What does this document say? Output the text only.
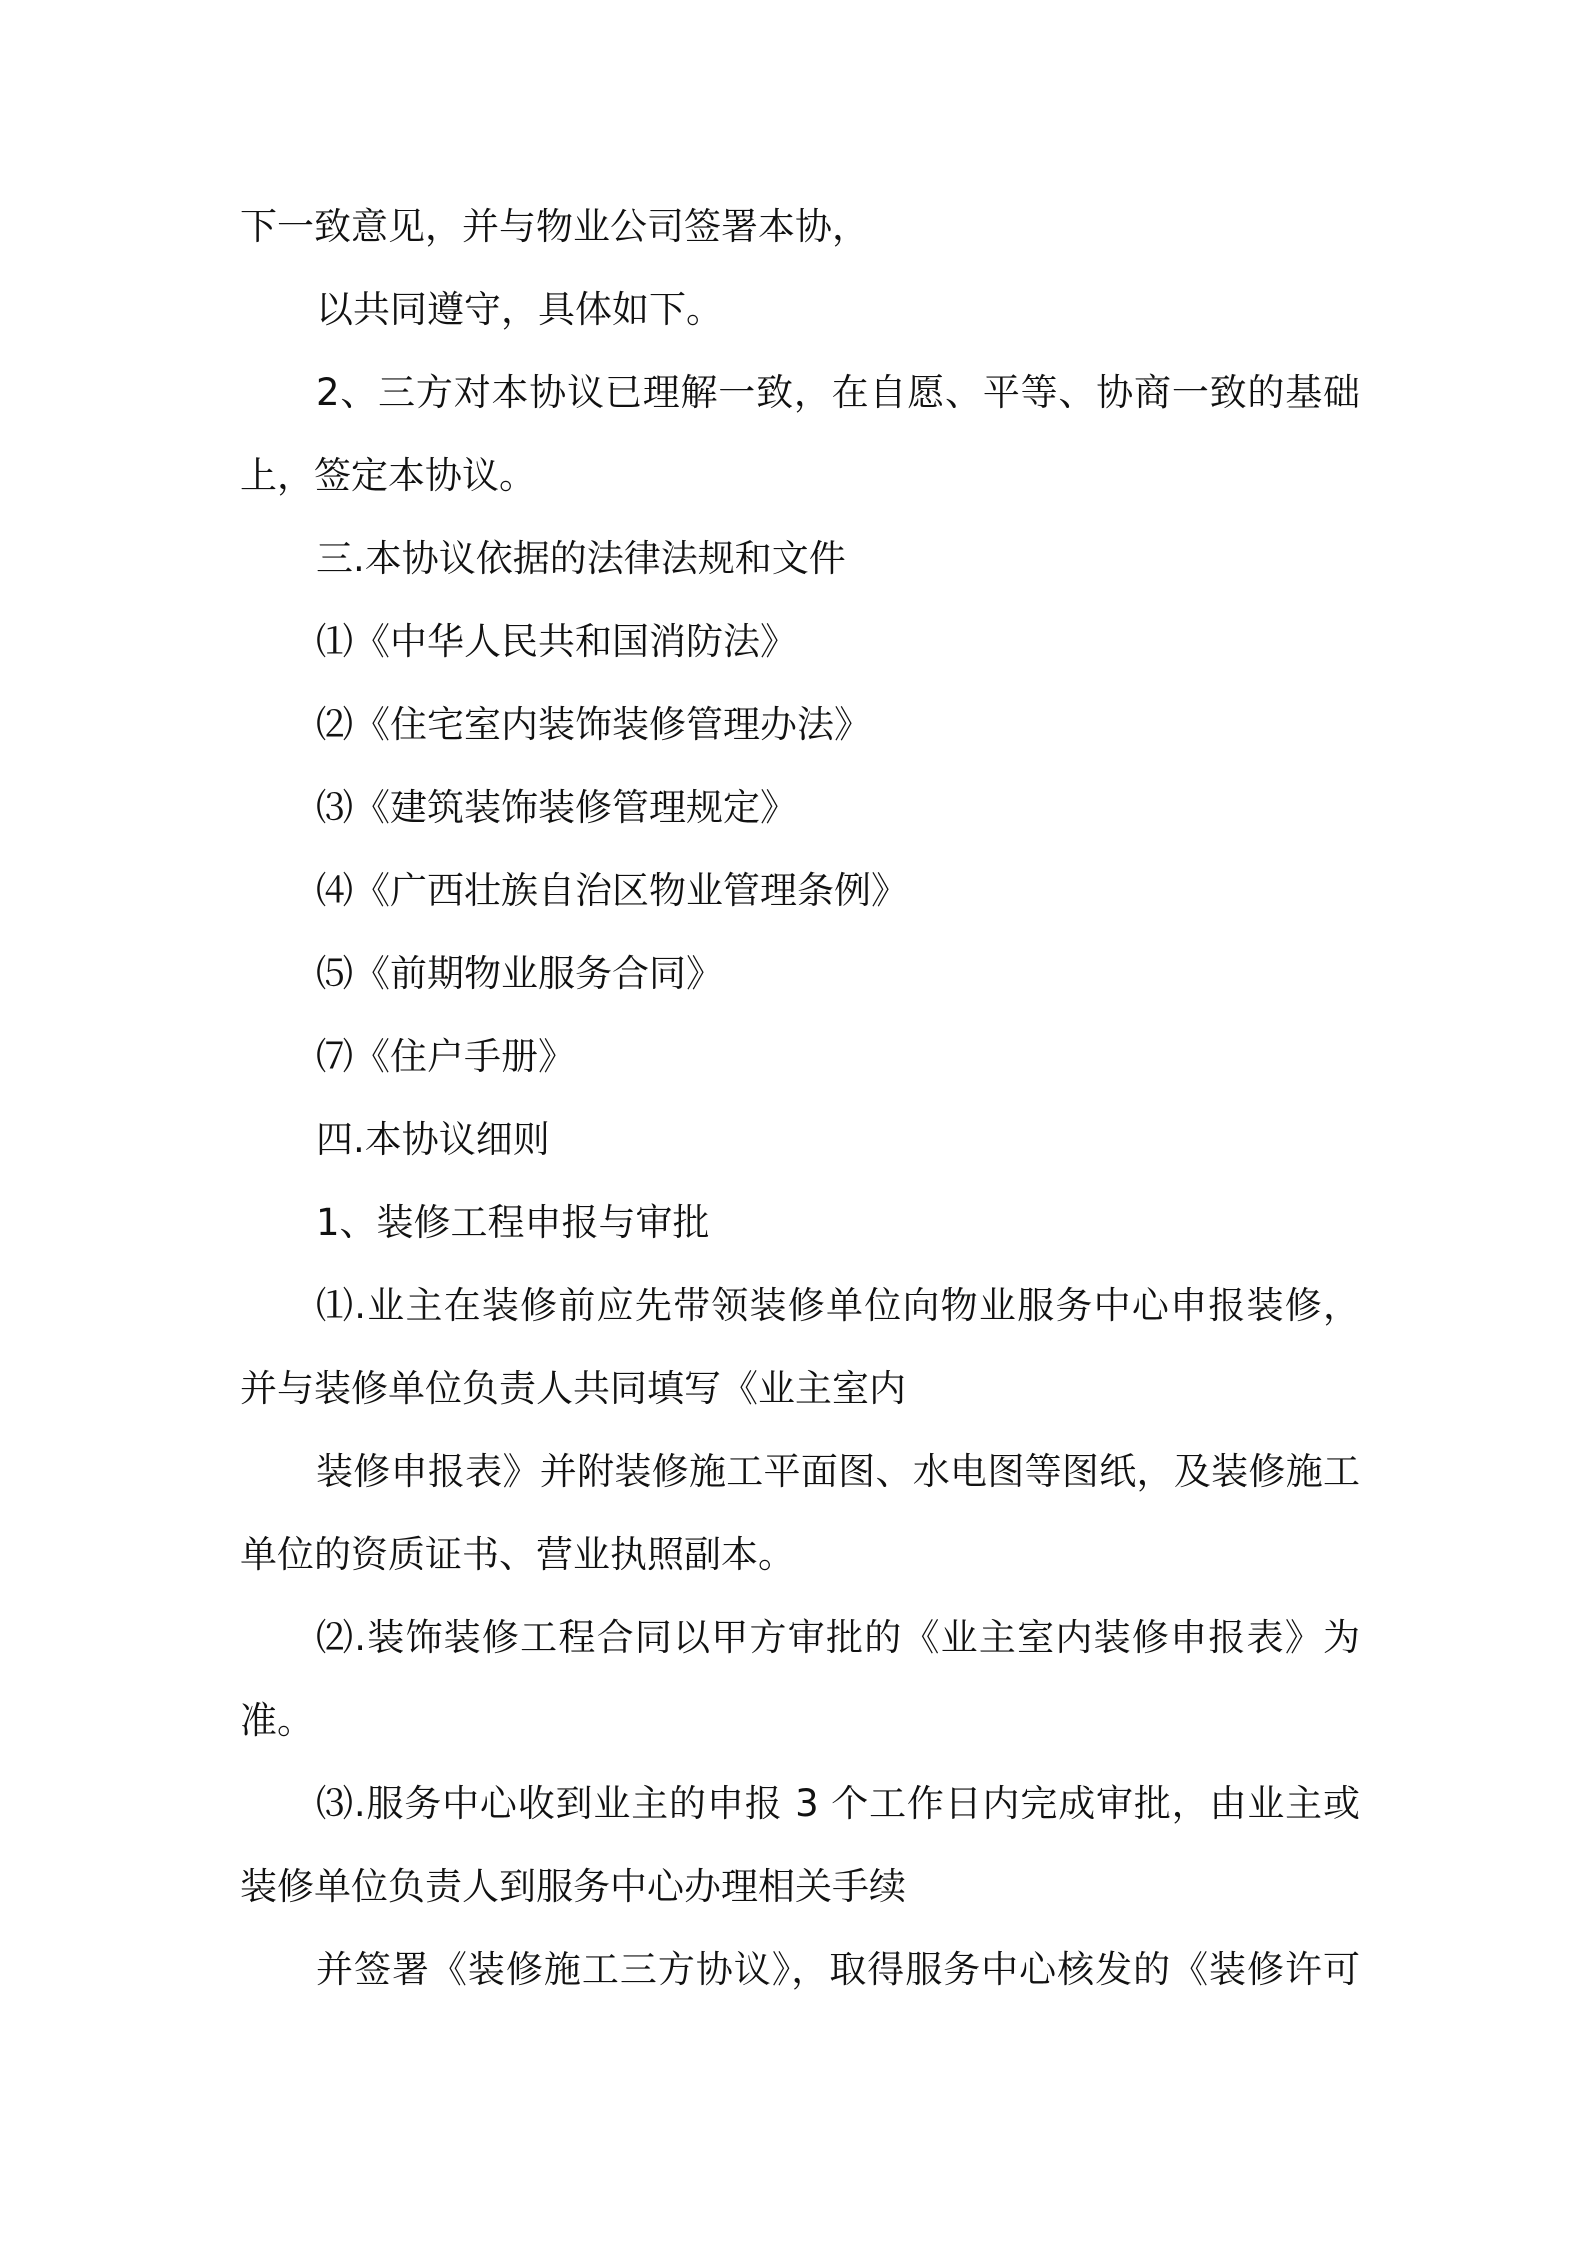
下一致意见，并与物业公司签署本协，
以共同遵守，具体如下。
2、三方对本协议已理解一致，在自愿、平等、协商一致的基础
上，签定本协议。
三.本协议依据的法律法规和文件
⑴《中华人民共和国消防法》
⑵《住宅室内装饰装修管理办法》
⑶《建筑装饰装修管理规定》
⑷《广西壮族自治区物业管理条例》
⑸《前期物业服务合同》
⑺《住户手册》
四.本协议细则
1、装修工程申报与审批
⑴.业主在装修前应先带领装修单位向物业服务中心申报装修，
并与装修单位负责人共同填写《业主室内
装修申报表》并附装修施工平面图、水电图等图纸，及装修施工
单位的资质证书、营业执照副本。
⑵.装饰装修工程合同以甲方审批的《业主室内装修申报表》为
准。
⑶.服务中心收到业主的申报 3 个工作日内完成审批，由业主或
装修单位负责人到服务中心办理相关手续
并签署《装修施工三方协议》，取得服务中心核发的《装修许可
